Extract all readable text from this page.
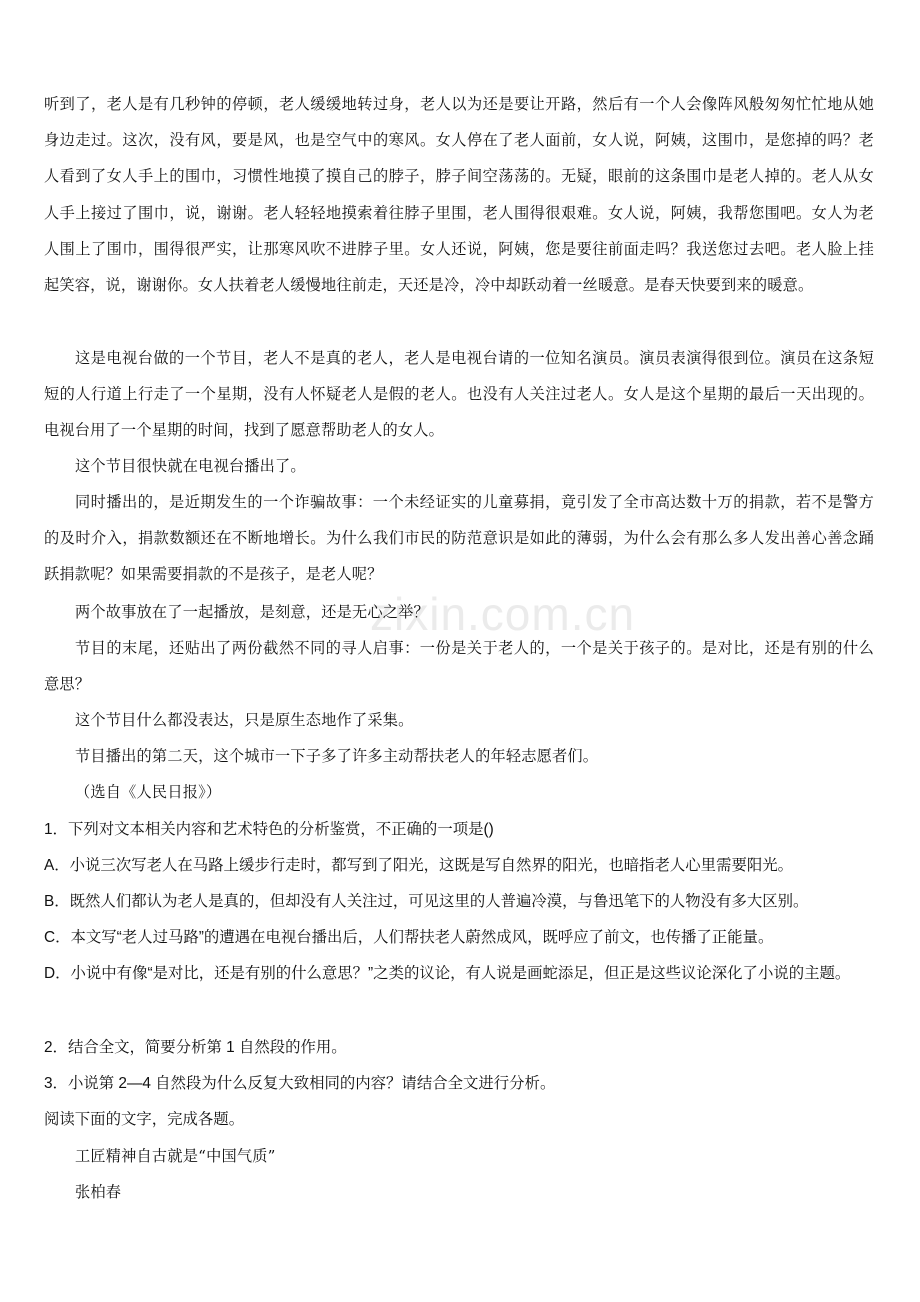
zixin.com.cn
听到了，老人是有几秒钟的停顿，老人缓缓地转过身，老人以为还是要让开路，然后有一个人会像阵风般匆匆忙忙地从她身边走过。这次，没有风，要是风，也是空气中的寒风。女人停在了老人面前，女人说，阿姨，这围巾，是您掉的吗？老人看到了女人手上的围巾，习惯性地摸了摸自己的脖子，脖子间空荡荡的。无疑，眼前的这条围巾是老人掉的。老人从女人手上接过了围巾，说，谢谢。老人轻轻地摸索着往脖子里围，老人围得很艰难。女人说，阿姨，我帮您围吧。女人为老人围上了围巾，围得很严实，让那寒风吹不进脖子里。女人还说，阿姨，您是要往前面走吗？我送您过去吧。老人脸上挂起笑容，说，谢谢你。女人扶着老人缓慢地往前走，天还是冷，冷中却跃动着一丝暖意。是春天快要到来的暖意。
这是电视台做的一个节目，老人不是真的老人，老人是电视台请的一位知名演员。演员表演得很到位。演员在这条短短的人行道上行走了一个星期，没有人怀疑老人是假的老人。也没有人关注过老人。女人是这个星期的最后一天出现的。电视台用了一个星期的时间，找到了愿意帮助老人的女人。
这个节目很快就在电视台播出了。
同时播出的，是近期发生的一个诈骗故事：一个未经证实的儿童募捐，竟引发了全市高达数十万的捐款，若不是警方的及时介入，捐款数额还在不断地增长。为什么我们市民的防范意识是如此的薄弱，为什么会有那么多人发出善心善念踊跃捐款呢？如果需要捐款的不是孩子，是老人呢？
两个故事放在了一起播放，是刻意，还是无心之举？
节目的末尾，还贴出了两份截然不同的寻人启事：一份是关于老人的，一个是关于孩子的。是对比，还是有别的什么意思？
这个节目什么都没表达，只是原生态地作了采集。
节目播出的第二天，这个城市一下子多了许多主动帮扶老人的年轻志愿者们。
（选自《人民日报》）
1．下列对文本相关内容和艺术特色的分析鉴赏，不正确的一项是()
A．小说三次写老人在马路上缓步行走时，都写到了阳光，这既是写自然界的阳光，也暗指老人心里需要阳光。
B．既然人们都认为老人是真的，但却没有人关注过，可见这里的人普遍冷漠，与鲁迅笔下的人物没有多大区别。
C．本文写“老人过马路”的遭遇在电视台播出后，人们帮扶老人蔚然成风，既呼应了前文，也传播了正能量。
D．小说中有像“是对比，还是有别的什么意思？”之类的议论，有人说是画蛇添足，但正是这些议论深化了小说的主题。
2．结合全文，简要分析第 1 自然段的作用。
3．小说第 2—4 自然段为什么反复大致相同的内容？请结合全文进行分析。
阅读下面的文字，完成各题。
工匠精神自古就是“中国气质”
张柏春
